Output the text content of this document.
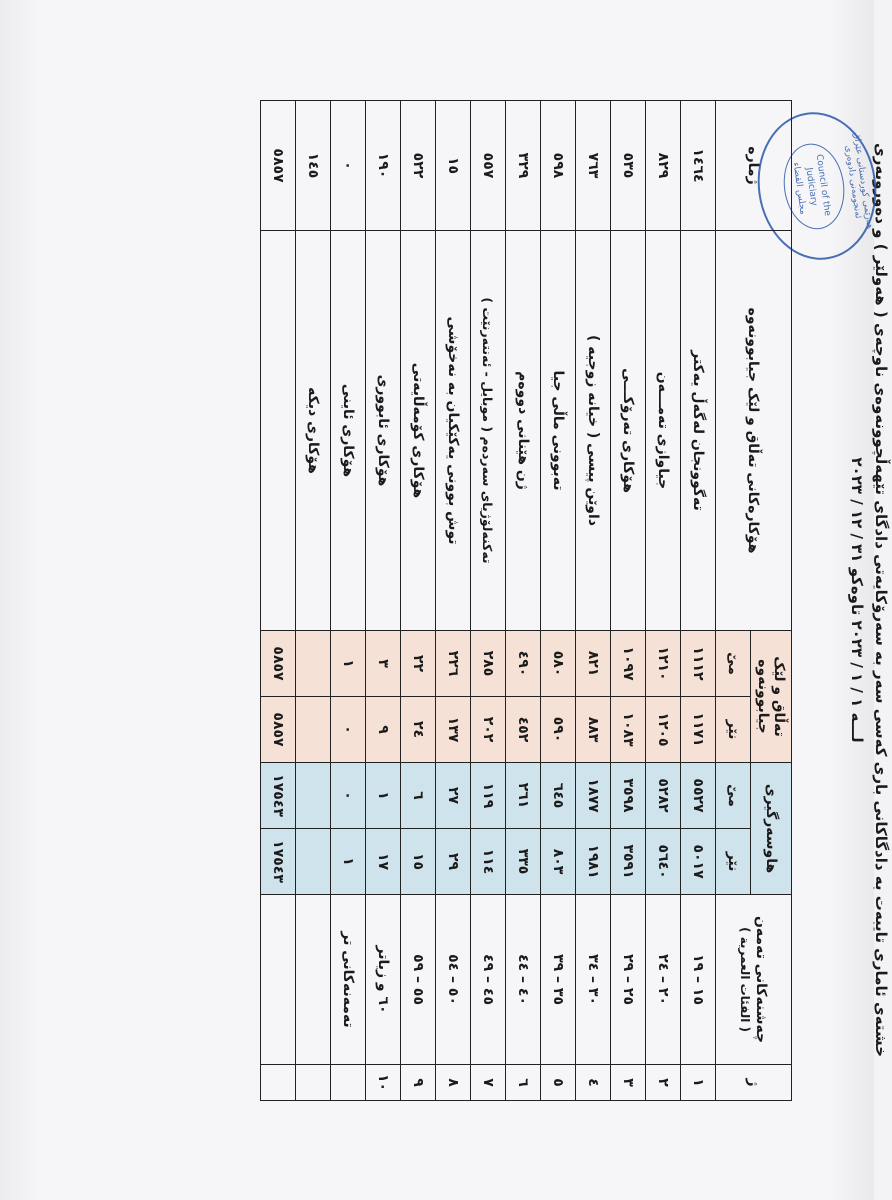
خشتەی ئاماری تایبەت بە دادگاکانی باری کەسی سەر بە سەرۆکایەتی دادگای تێهەڵچوونەوەی ناوچەی ( هەولێر ) و دەوروبەری
لـــە ١ / ١ / ٢٠٢٣ تاوەکو ٣١ / ١٢ / ٢٠٢٣
هەرێمی کوردستانی عێراق ئەنجومەنی دادوەری
Council of the Judiciary
مجلس القضاء
ژ	چەشنەکانی تەمەن
( الفئات العمرية )	هاوسەرگیری		تەڵاق و لێک جیابوونەوە		هۆکارەکانی تەڵاق و لێک جیابوونەوە	ژمارە
		نێر	مێ	نێر	مێ		
١	١٥ – ١٩	٥٠١٧	٥٥٢٧	١١٧١	١١١٢	تەگوونجان لەگەڵ یەکتر	١٤٦٤
٢	٢٠ – ٢٤	٥٦٤٠	٥٢٨٢	١٢٠٥	١٢١٠	جیاوازی تەمـــەن	٨٢٩
٣	٢٥ – ٢٩	٣٥٩١	٣٥٩٨	١٠٨٣	١٠٩٧	هۆکاری تەرۆکـــی	٥٣٥
٤	٣٠ – ٣٤	١٩٨١	١٨٧٧	٨٨٣	٨٢١	داوێن پیسی ( خیانە زوجیە )	٧٦٣
٥	٣٥ – ٣٩	٨٠٣	٦٤٥	٥٩٠	٥٨٠	تەبوونی ماڵی جیا	٥٩٨
٦	٤٠ – ٤٤	٣٣٥	٢٦١	٤٥٢	٤٩٠	ژن هێنانی دووەم	٣٢٩
٧	٤٥ – ٤٩	١١٤	١١٩	٢٠٢	٢٨٥	تەکنەلۆژیای سەردەم ( موبایل - ئەنتەرنێت )	٥٥٧
٨	٥٠ – ٥٤	٢٩	٢٧	١٣٧	٢٢٦	توش بوونی یەکێکیان بە نەخۆشی	١٥
٩	٥٥ – ٥٩	١٥	٦	٢٤	٢٢	هۆکاری کۆمەڵایەتی	٥٢٢
١٠	٦٠ و زیاتر	١٧	١	٩	٣	هۆکاری ئابووری	١٩٠
	تەمەنەکانی تر	١	٠	٠	١	هۆکاری ئاینی	٠
						هۆکاری دیکە	١٤٥
		١٧٥٤٣	١٧٥٤٣	٥٨٥٧	٥٨٥٧		٥٨٥٧
